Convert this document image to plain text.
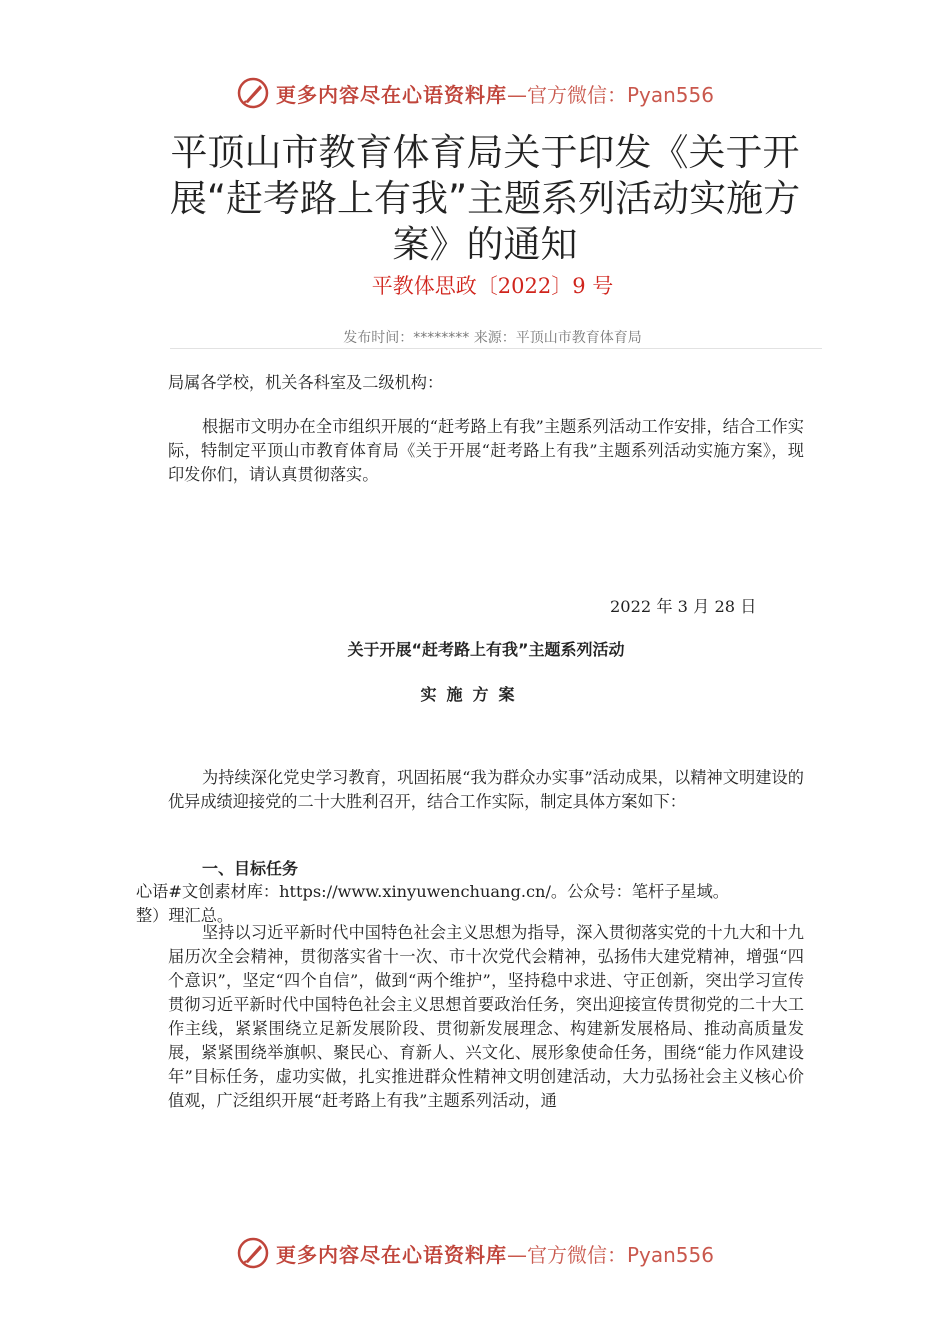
更多内容尽在心语资料库—官方微信：Pyan556
平顶山市教育体育局关于印发《关于开展“赶考路上有我”主题系列活动实施方案》的通知
平教体思政〔2022〕9 号
发布时间：******** 来源：平顶山市教育体育局
局属各学校，机关各科室及二级机构：
根据市文明办在全市组织开展的“赶考路上有我”主题系列活动工作安排，结合工作实际，特制定平顶山市教育体育局《关于开展“赶考路上有我”主题系列活动实施方案》，现印发你们，请认真贯彻落实。
2022 年 3 月 28 日
关于开展“赶考路上有我”主题系列活动
实施方案
为持续深化党史学习教育，巩固拓展“我为群众办实事”活动成果，以精神文明建设的优异成绩迎接党的二十大胜利召开，结合工作实际，制定具体方案如下：
一、目标任务
心语#文创素材库：https://www.xinyuwenchuang.cn/。公众号：笔杆子星域。
整）理汇总。
坚持以习近平新时代中国特色社会主义思想为指导，深入贯彻落实党的十九大和十九届历次全会精神，贯彻落实省十一次、市十次党代会精神，弘扬伟大建党精神，增强“四个意识”，坚定“四个自信”，做到“两个维护”，坚持稳中求进、守正创新，突出学习宣传贯彻习近平新时代中国特色社会主义思想首要政治任务，突出迎接宣传贯彻党的二十大工作主线，紧紧围绕立足新发展阶段、贯彻新发展理念、构建新发展格局、推动高质量发展，紧紧围绕举旗帜、聚民心、育新人、兴文化、展形象使命任务，围绕“能力作风建设年”目标任务，虚功实做，扎实推进群众性精神文明创建活动，大力弘扬社会主义核心价值观，广泛组织开展“赶考路上有我”主题系列活动，通
更多内容尽在心语资料库—官方微信：Pyan556
